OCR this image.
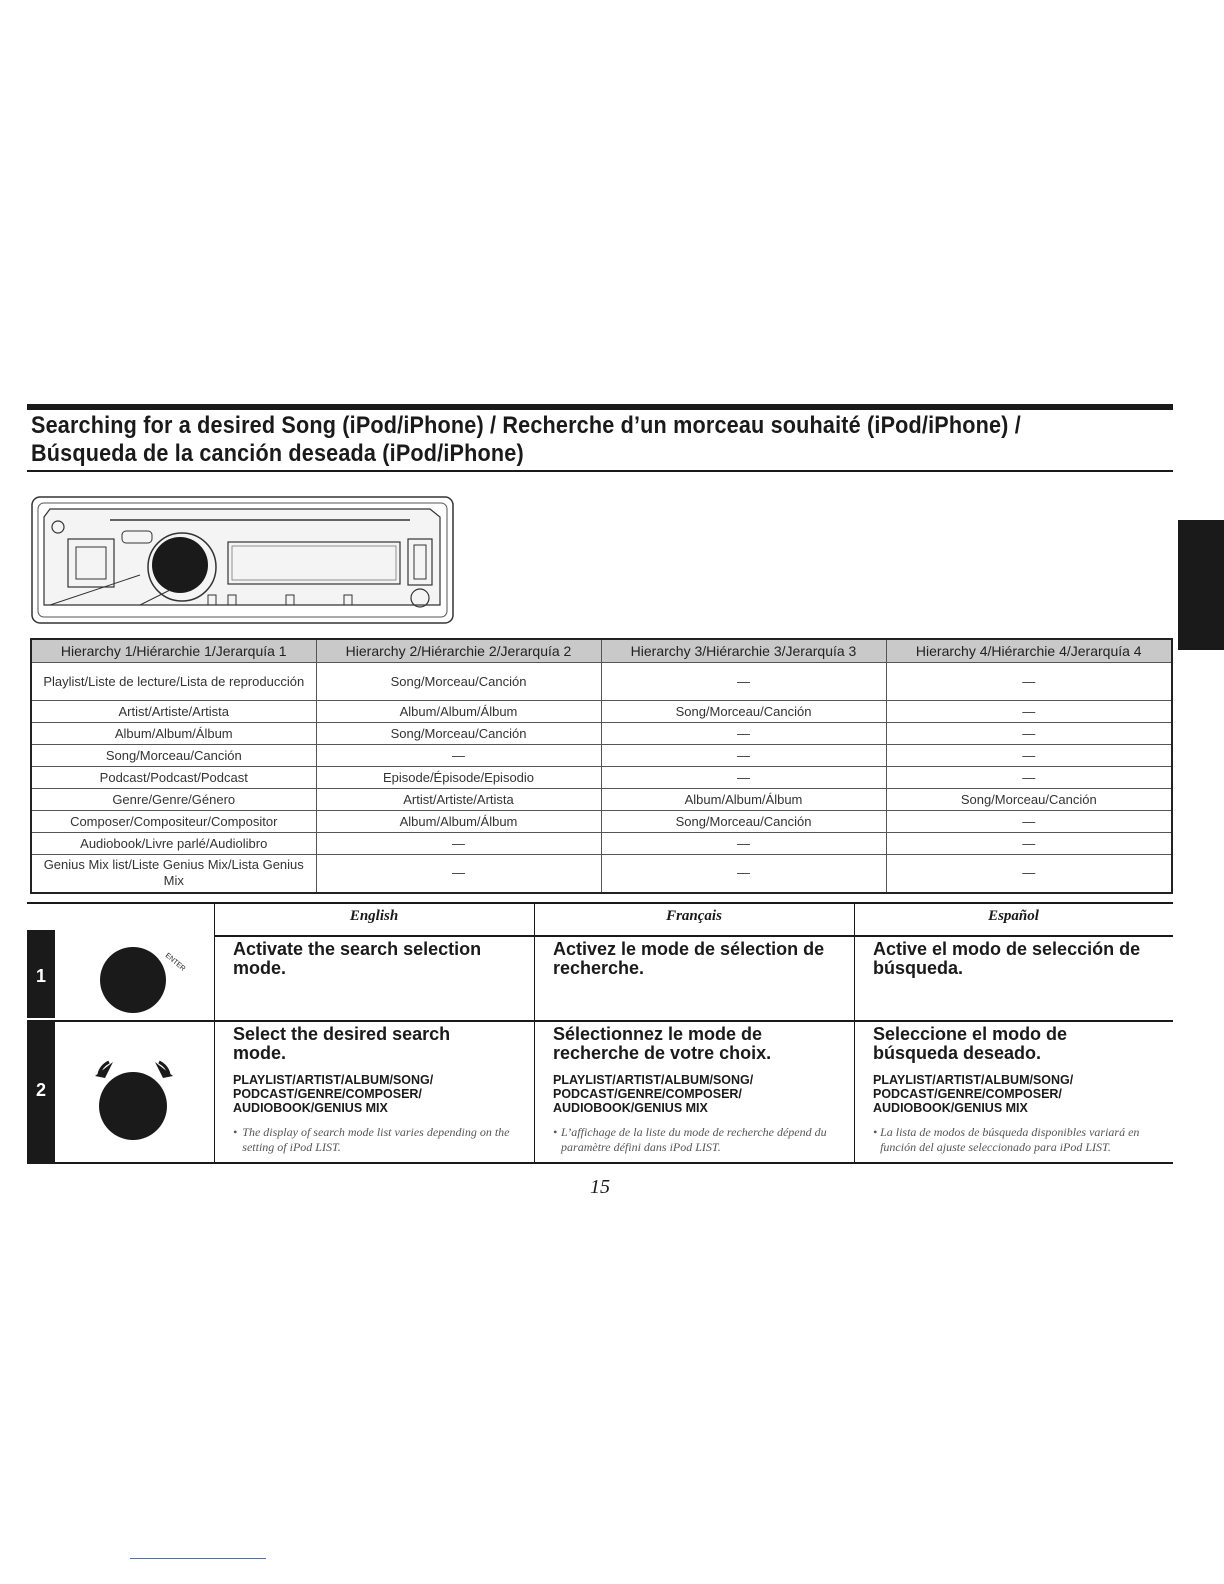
Searching for a desired Song (iPod/iPhone) / Recherche d’un morceau souhaité (iPod/iPhone) / Búsqueda de la canción deseada (iPod/iPhone)
Hierarchy 1/Hiérarchie 1/Jerarquía 1	Hierarchy 2/Hiérarchie 2/Jerarquía 2	Hierarchy 3/Hiérarchie 3/Jerarquía 3	Hierarchy 4/Hiérarchie 4/Jerarquía 4
Playlist/Liste de lecture/Lista de reproducción	Song/Morceau/Canción	—	—
Artist/Artiste/Artista	Album/Album/Álbum	Song/Morceau/Canción	—
Album/Album/Álbum	Song/Morceau/Canción	—	—
Song/Morceau/Canción	—	—	—
Podcast/Podcast/Podcast	Episode/Épisode/Episodio	—	—
Genre/Genre/Género	Artist/Artiste/Artista	Album/Album/Álbum	Song/Morceau/Canción
Composer/Compositeur/Compositor	Album/Album/Álbum	Song/Morceau/Canción	—
Audiobook/Livre parlé/Audiolibro	—	—	—
Genius Mix list/Liste Genius Mix/Lista Genius Mix	—	—	—
English	Français	Español
1
ENTER
Activate the search selection mode.
Activez le mode de sélection de recherche.
Active el modo de selección de búsqueda.
2
Select the desired search mode.
PLAYLIST/ARTIST/ALBUM/SONG/ PODCAST/GENRE/COMPOSER/ AUDIOBOOK/GENIUS MIX
• The display of search mode list varies depending on the setting of iPod LIST.
Sélectionnez le mode de recherche de votre choix.
PLAYLIST/ARTIST/ALBUM/SONG/ PODCAST/GENRE/COMPOSER/ AUDIOBOOK/GENIUS MIX
• L’affichage de la liste du mode de recherche dépend du paramètre défini dans iPod LIST.
Seleccione el modo de búsqueda deseado.
PLAYLIST/ARTIST/ALBUM/SONG/ PODCAST/GENRE/COMPOSER/ AUDIOBOOK/GENIUS MIX
• La lista de modos de búsqueda disponibles variará en función del ajuste seleccionado para iPod LIST.
15
